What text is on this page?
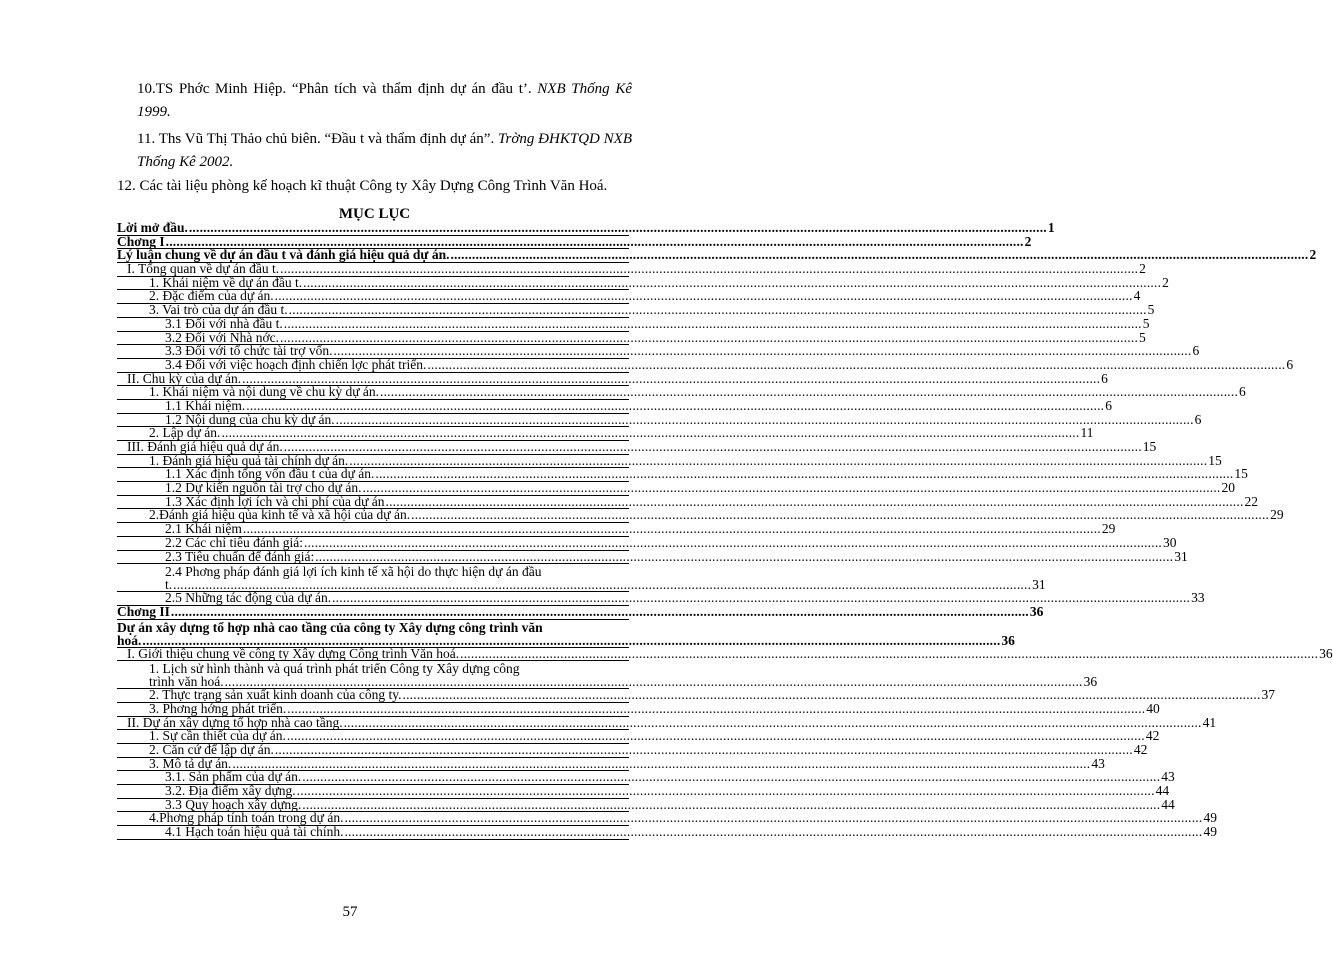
10.TS Phớc Minh Hiệp. “Phân tích và thẩm định dự án đầu t’. NXB Thống Kê 1999.
11. Ths Vũ Thị Thảo chủ biên. “Đầu t và thẩm định dự án”. Trờng ĐHKTQD NXB Thống Kê 2002.
12. Các tài liệu phòng kế hoạch kĩ thuật Công ty Xây Dựng Công Trình Văn Hoá.
MỤC LỤC
Lời mở đầu. .....	1
Chơng I .....	2
Lý luận chung về dự án đầu t và đánh giá hiệu quả dự án. .....	2
I. Tổng quan về dự án đầu t. .....	2
1. Khái niệm về dự án đầu t. .....	2
2. Đặc điểm của dự án. .....	4
3. Vai trò của dự án đầu t. .....	5
3.1 Đối với nhà đầu t. .....	5
3.2 Đối với Nhà nớc. .....	5
3.3 Đối với tổ chức tài trợ vốn. .....	6
3.4 Đối với việc hoạch định chiến lợc phát triển. .....	6
II. Chu kỳ của dự án. .....	6
1. Khái niệm và nội dung về chu kỳ dự án. .....	6
1.1 Khái niệm. .....	6
1.2 Nội dung của chu kỳ dự án. .....	6
2. Lập dự án. .....	11
III. Đánh giá hiệu quả dự án. .....	15
1. Đánh giá hiệu quả tài chính dự án. .....	15
1.1 Xác định tổng vốn đầu t của dự án. .....	15
1.2 Dự kiến nguồn tài trợ cho dự án. .....	20
1.3 Xác định lợi ích và chi phí của dự án .....	22
2.Đánh giá hiệu qủa kinh tế và xã hội của dự án. .....	29
2.1 Khái niệm .....	29
2.2 Các chỉ tiêu đánh giá: .....	30
2.3 Tiêu chuẩn để đánh giá: .....	31
2.4 Phơng pháp đánh giá lợi ích kinh tế xã hội do thực hiện dự án đầu
t. .....	31
2.5 Những tác động của dự án. .....	33
Chơng II .....	36
Dự án xây dựng tổ hợp nhà cao tầng của công ty Xây dựng công trình văn
hoá. .....	36
I. Giới thiệu chung về công ty Xây dựng Công trình Văn hoá. .....	36
1. Lịch sử hình thành và quá trình phát triển Công ty Xây dựng công
trình văn hoá. .....	36
2. Thực trạng sản xuất kinh doanh của công ty. .....	37
3. Phơng hớng phát triển. .....	40
II. Dự án xây dựng tổ hợp nhà cao tầng. .....	41
1. Sự cần thiết của dự án. .....	42
2. Căn cứ để lập dự án. .....	42
3. Mô tả dự án. .....	43
3.1. Sản phẩm của dự án. .....	43
3.2. Địa điểm xây dựng. .....	44
3.3 Quy hoạch xây dựng. .....	44
4.Phơng pháp tính toán trong dự án. .....	49
4.1 Hạch toán hiệu quả tài chính. .....	49
57
